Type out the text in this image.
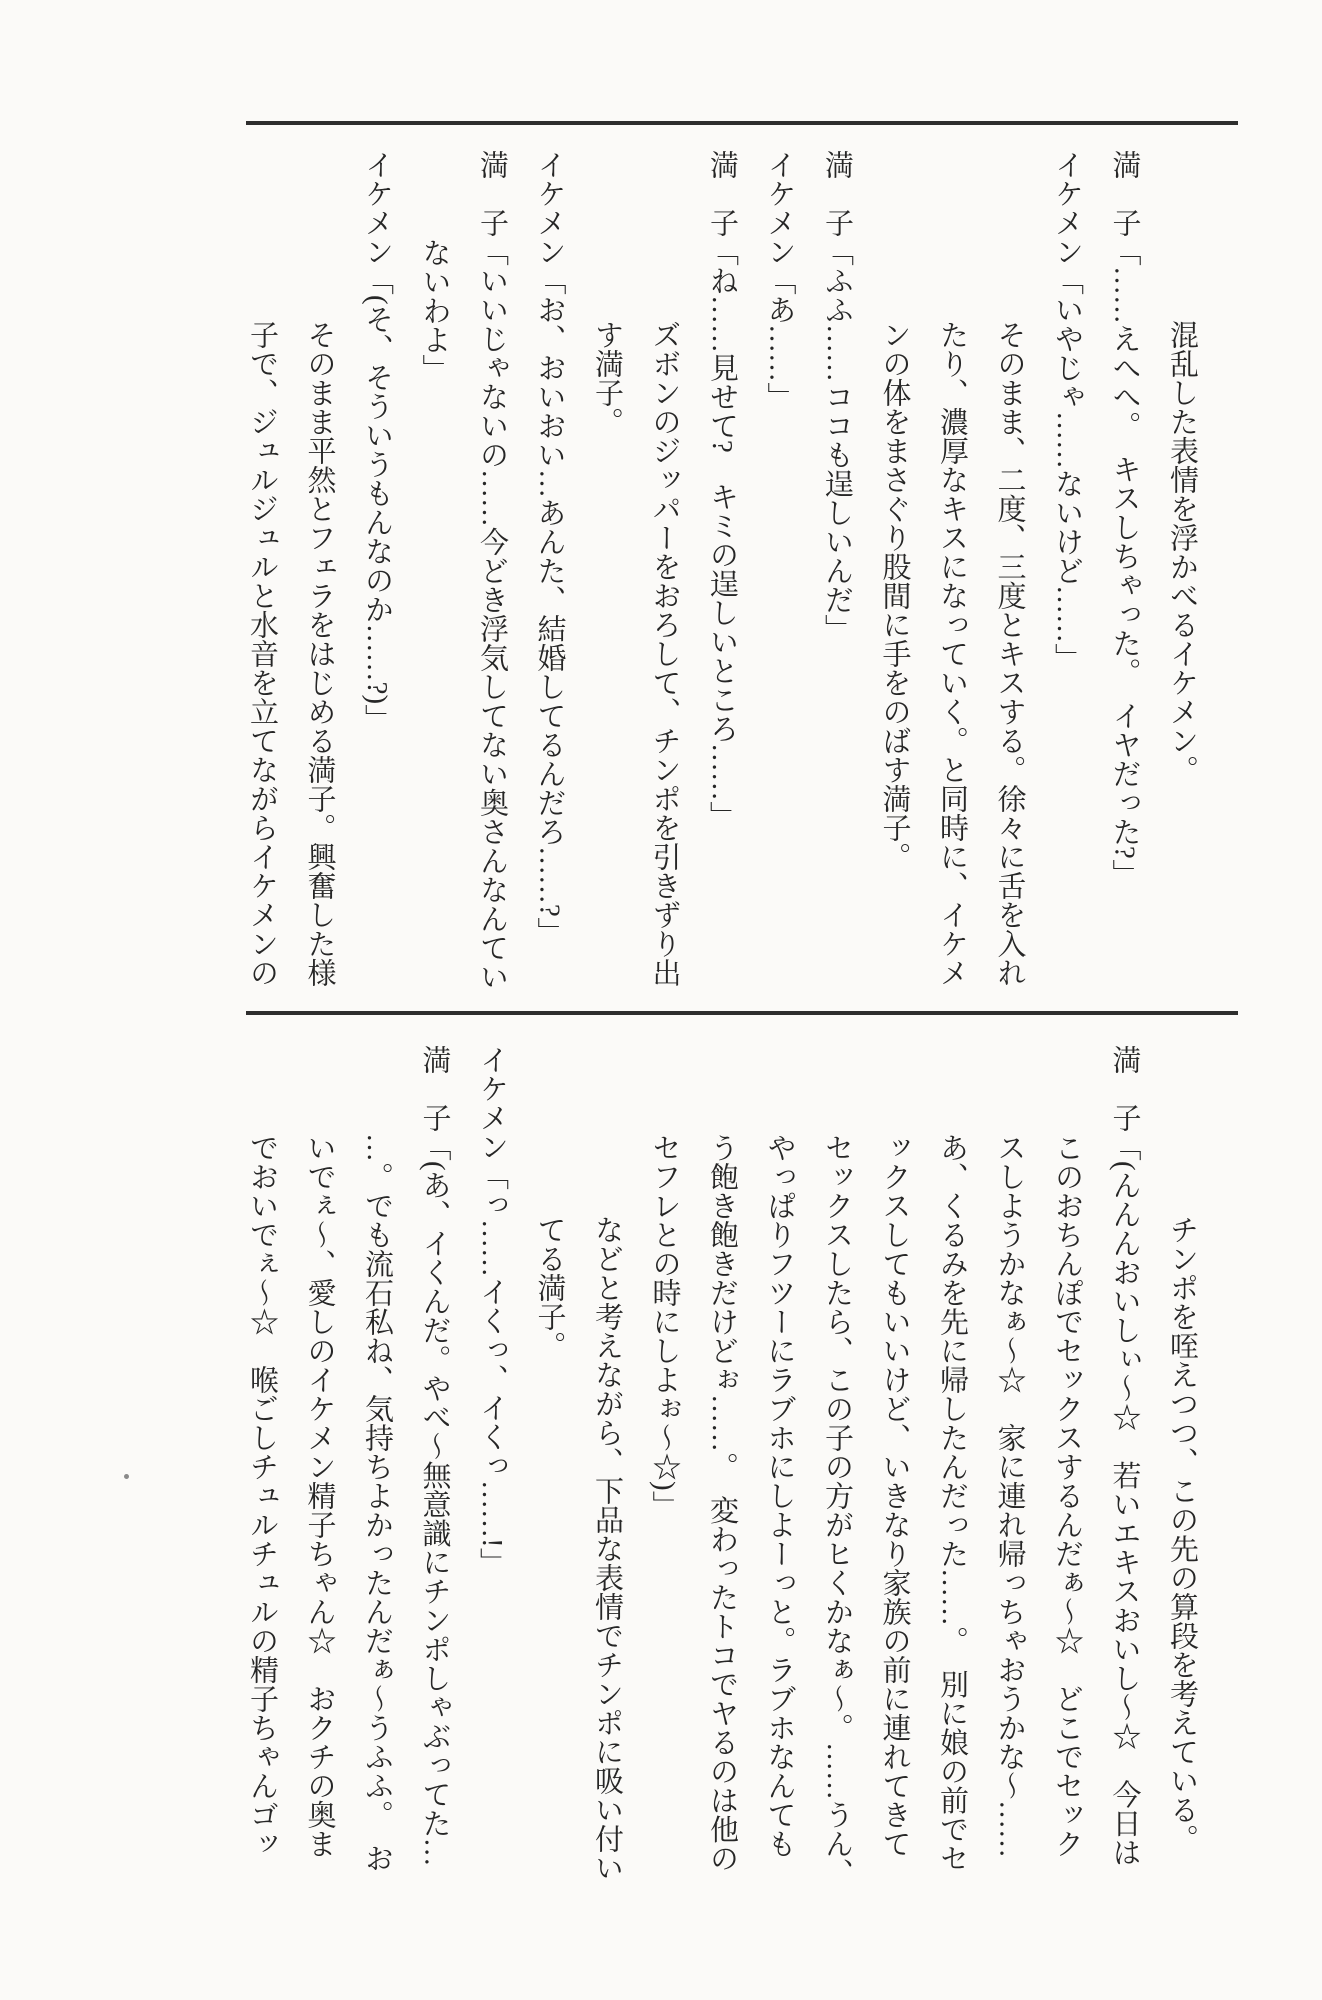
混乱した表情を浮かべるイケメン。

満　子「……えへへ。　キスしちゃった。　イヤだった?」

イケメン「いやじゃ……ないけど……」

そのまま、二度、三度とキスする。徐々に舌を入れ

たり、濃厚なキスになっていく。と同時に、イケメ

ンの体をまさぐり股間に手をのばす満子。

満　子「ふふ……ココも逞しいんだ」

イケメン「あ……」

満　子「ね……見せて?　キミの逞しいところ……」

ズボンのジッパーをおろして、チンポを引きずり出

す満子。

イケメン「お、おいおい…あんた、結婚してるんだろ……?」

満　子「いいじゃないの……今どき浮気してない奥さんなんてい

ないわよ」

イケメン「(そ、そういうもんなのか……?)」

そのまま平然とフェラをはじめる満子。興奮した様

子で、ジュルジュルと水音を立てながらイケメンの

チンポを咥えつつ、この先の算段を考えている。

満　子「(んんんおいしぃ〜☆　若いエキスおいし〜☆　今日は

このおちんぽでセックスするんだぁ〜☆　どこでセック

スしようかなぁ〜☆　家に連れ帰っちゃおうかな〜……

あ、くるみを先に帰したんだった……。　別に娘の前でセ

ックスしてもいいけど、いきなり家族の前に連れてきて

セックスしたら、この子の方がヒくかなぁ〜。……うん、

やっぱりフツーにラブホにしよーっと。ラブホなんても

う飽き飽きだけどぉ……。　変わったトコでヤるのは他の

セフレとの時にしよぉ〜☆)」

などと考えながら、下品な表情でチンポに吸い付い

てる満子。

イケメン「っ……イくっ、イくっ……!」

満　子「(あ、イくんだ。やべ〜無意識にチンポしゃぶってた…

…。でも流石私ね、気持ちよかったんだぁ〜うふふ。　お

いでぇ〜、愛しのイケメン精子ちゃん☆　おクチの奥ま

でおいでぇ〜☆　喉ごしチュルチュルの精子ちゃんゴッ
